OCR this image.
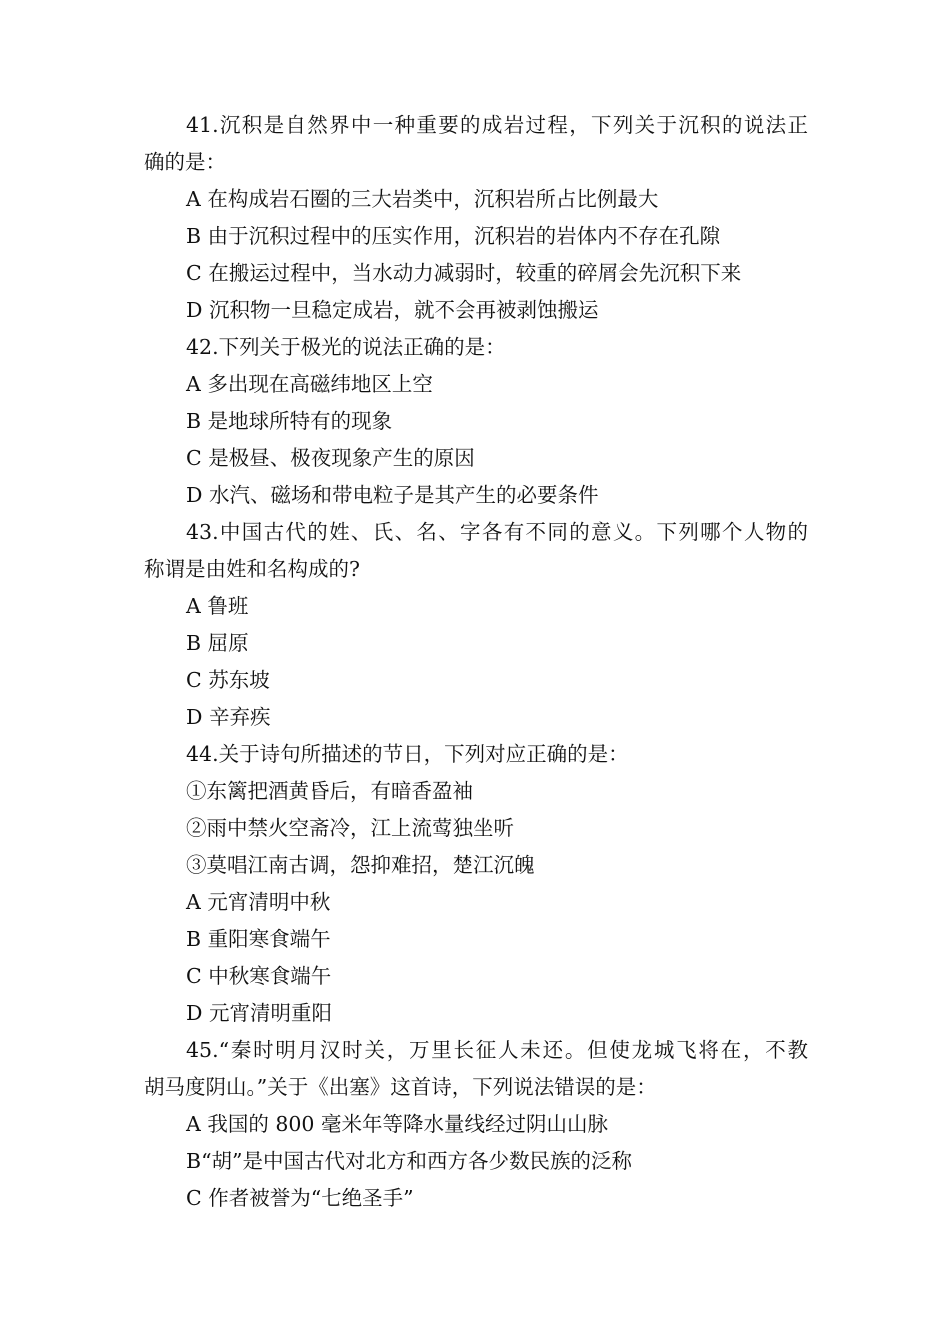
41.沉积是自然界中一种重要的成岩过程，下列关于沉积的说法正
确的是：
A 在构成岩石圈的三大岩类中，沉积岩所占比例最大
B 由于沉积过程中的压实作用，沉积岩的岩体内不存在孔隙
C 在搬运过程中，当水动力减弱时，较重的碎屑会先沉积下来
D 沉积物一旦稳定成岩，就不会再被剥蚀搬运
42.下列关于极光的说法正确的是：
A 多出现在高磁纬地区上空
B 是地球所特有的现象
C 是极昼、极夜现象产生的原因
D 水汽、磁场和带电粒子是其产生的必要条件
43.中国古代的姓、氏、名、字各有不同的意义。下列哪个人物的
称谓是由姓和名构成的?
A 鲁班
B 屈原
C 苏东坡
D 辛弃疾
44.关于诗句所描述的节日，下列对应正确的是：
①东篱把酒黄昏后，有暗香盈袖
②雨中禁火空斋冷，江上流莺独坐听
③莫唱江南古调，怨抑难招，楚江沉魄
A 元宵清明中秋
B 重阳寒食端午
C 中秋寒食端午
D 元宵清明重阳
45.“秦时明月汉时关，万里长征人未还。但使龙城飞将在，不教
胡马度阴山。”关于《出塞》这首诗，下列说法错误的是：
A 我国的 800 毫米年等降水量线经过阴山山脉
B“胡”是中国古代对北方和西方各少数民族的泛称
C 作者被誉为“七绝圣手”
